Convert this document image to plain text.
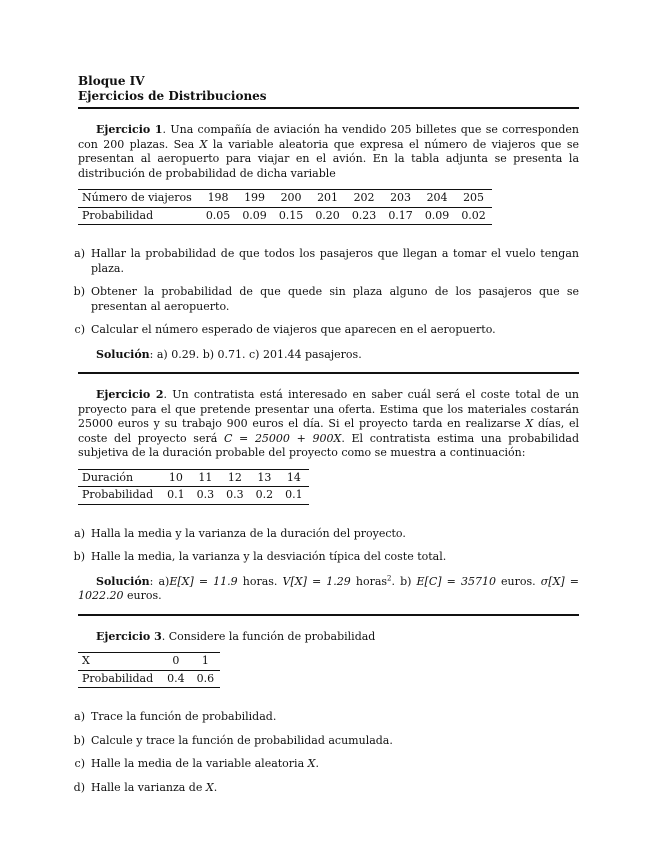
Bloque IV
Ejercicios de Distribuciones

Ejercicio 1. Una compañía de aviación ha vendido 205 billetes que se corresponden con 200 plazas. Sea X la variable aleatoria que expresa el número de viajeros que se presentan al aeropuerto para viajar en el avión. En la tabla adjunta se presenta la distribución de probabilidad de dicha variable

Número de viajeros	198	199	200	201	202	203	204	205
Probabilidad	0.05	0.09	0.15	0.20	0.23	0.17	0.09	0.02
a) Hallar la probabilidad de que todos los pasajeros que llegan a tomar el vuelo tengan plaza.
b) Obtener la probabilidad de que quede sin plaza alguno de los pasajeros que se presentan al aeropuerto.
c) Calcular el número esperado de viajeros que aparecen en el aeropuerto.

Solución: a) 0.29. b) 0.71. c) 201.44 pasajeros.

Ejercicio 2. Un contratista está interesado en saber cuál será el coste total de un proyecto para el que pretende presentar una oferta. Estima que los materiales costarán 25000 euros y su trabajo 900 euros el día. Si el proyecto tarda en realizarse X días, el coste del proyecto será C = 25000 + 900X. El contratista estima una probabilidad subjetiva de la duración probable del proyecto como se muestra a continuación:

Duración	10	11	12	13	14
Probabilidad	0.1	0.3	0.3	0.2	0.1
a) Halla la media y la varianza de la duración del proyecto.
b) Halle la media, la varianza y la desviación típica del coste total.

Solución: a)E[X] = 11.9 horas. V[X] = 1.29 horas$^2$. b) E[C] = 35710 euros. σ[X] = 1022.20 euros.

Ejercicio 3. Considere la función de probabilidad

X	0	1
Probabilidad	0.4	0.6
a) Trace la función de probabilidad.
b) Calcule y trace la función de probabilidad acumulada.
c) Halle la media de la variable aleatoria X.
d) Halle la varianza de X.
